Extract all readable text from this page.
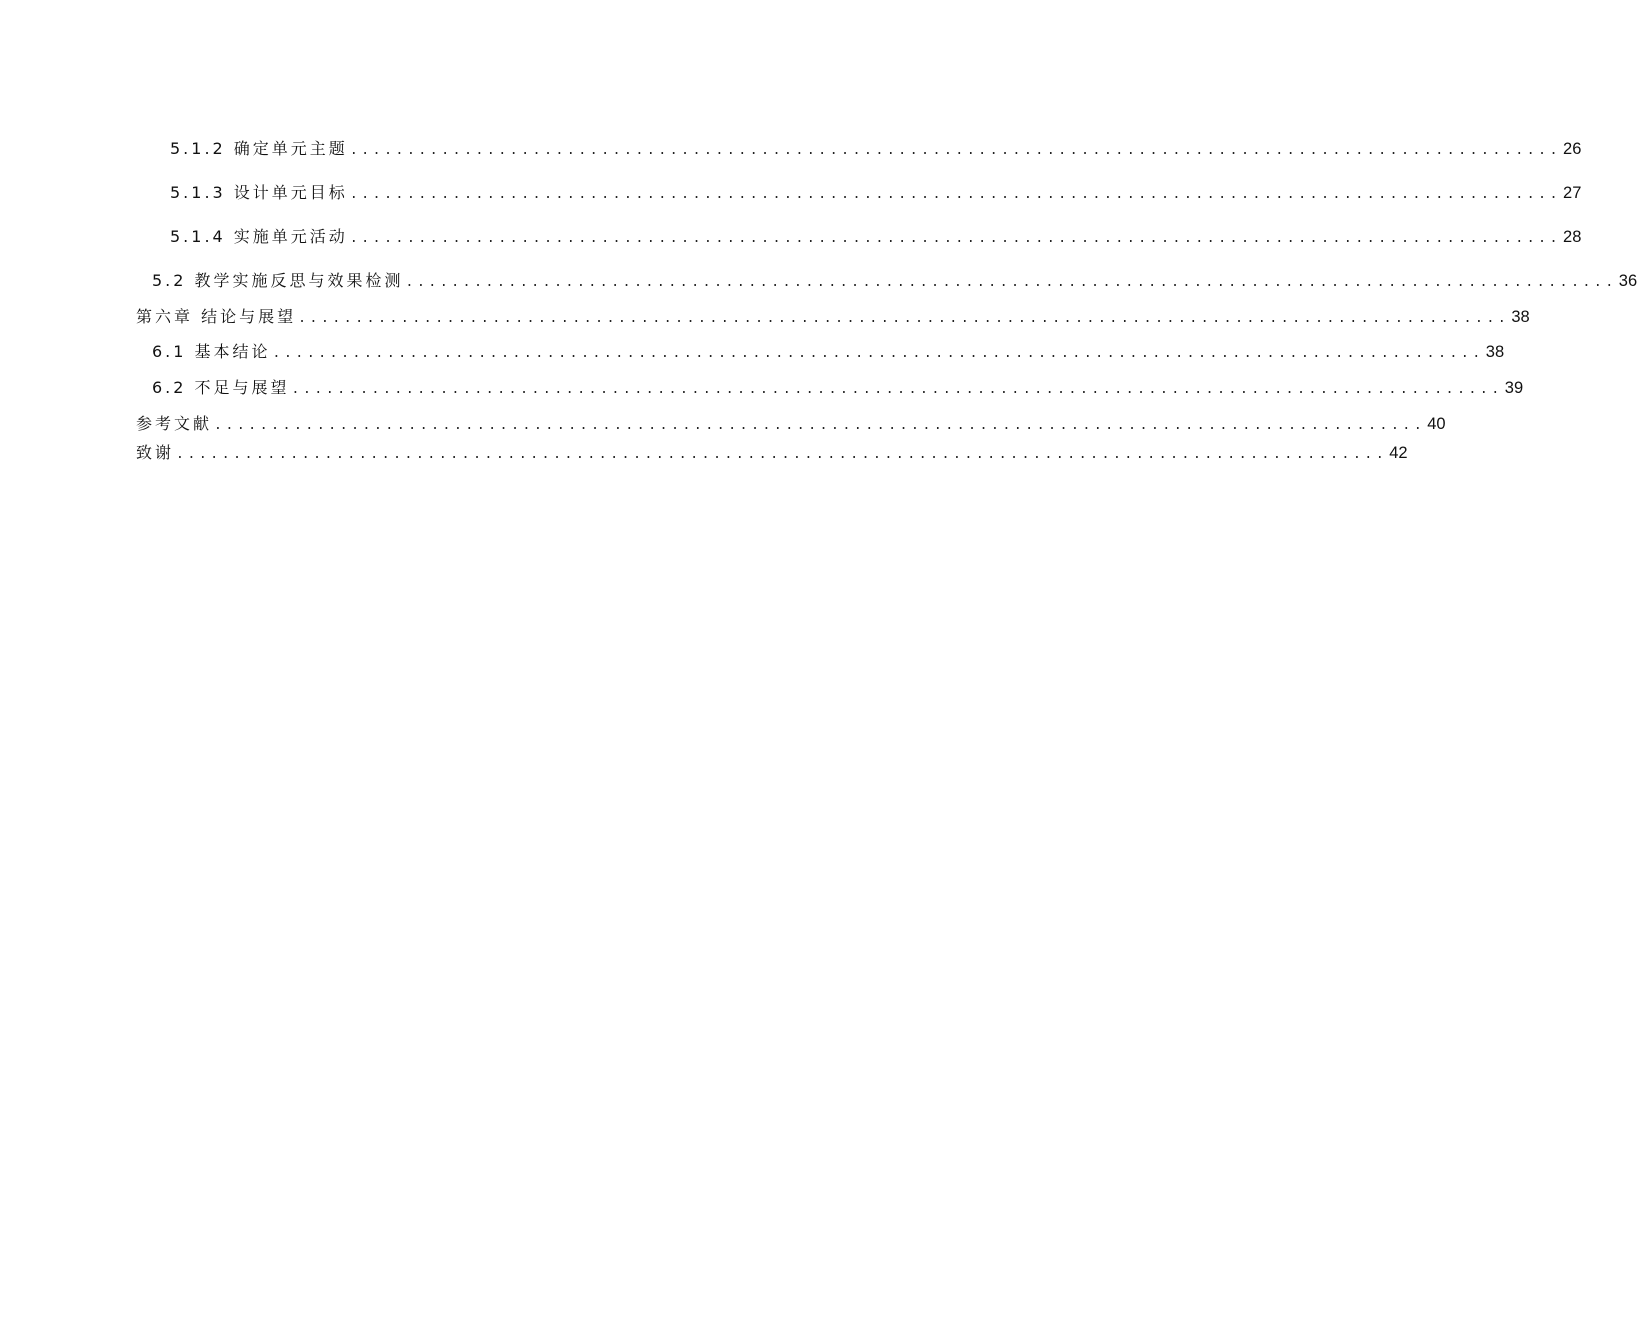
5.1.2 确定单元主题 .......................................................................................................... 26
5.1.3 设计单元目标 .......................................................................................................... 27
5.1.4 实施单元活动 .......................................................................................................... 28
5.2 教学实施反思与效果检测 .......................................................................................................... 36
第六章 结论与展望 .......................................................................................................... 38
6.1 基本结论 .......................................................................................................... 38
6.2 不足与展望 .......................................................................................................... 39
参考文献 .......................................................................................................... 40
致谢 .......................................................................................................... 42
